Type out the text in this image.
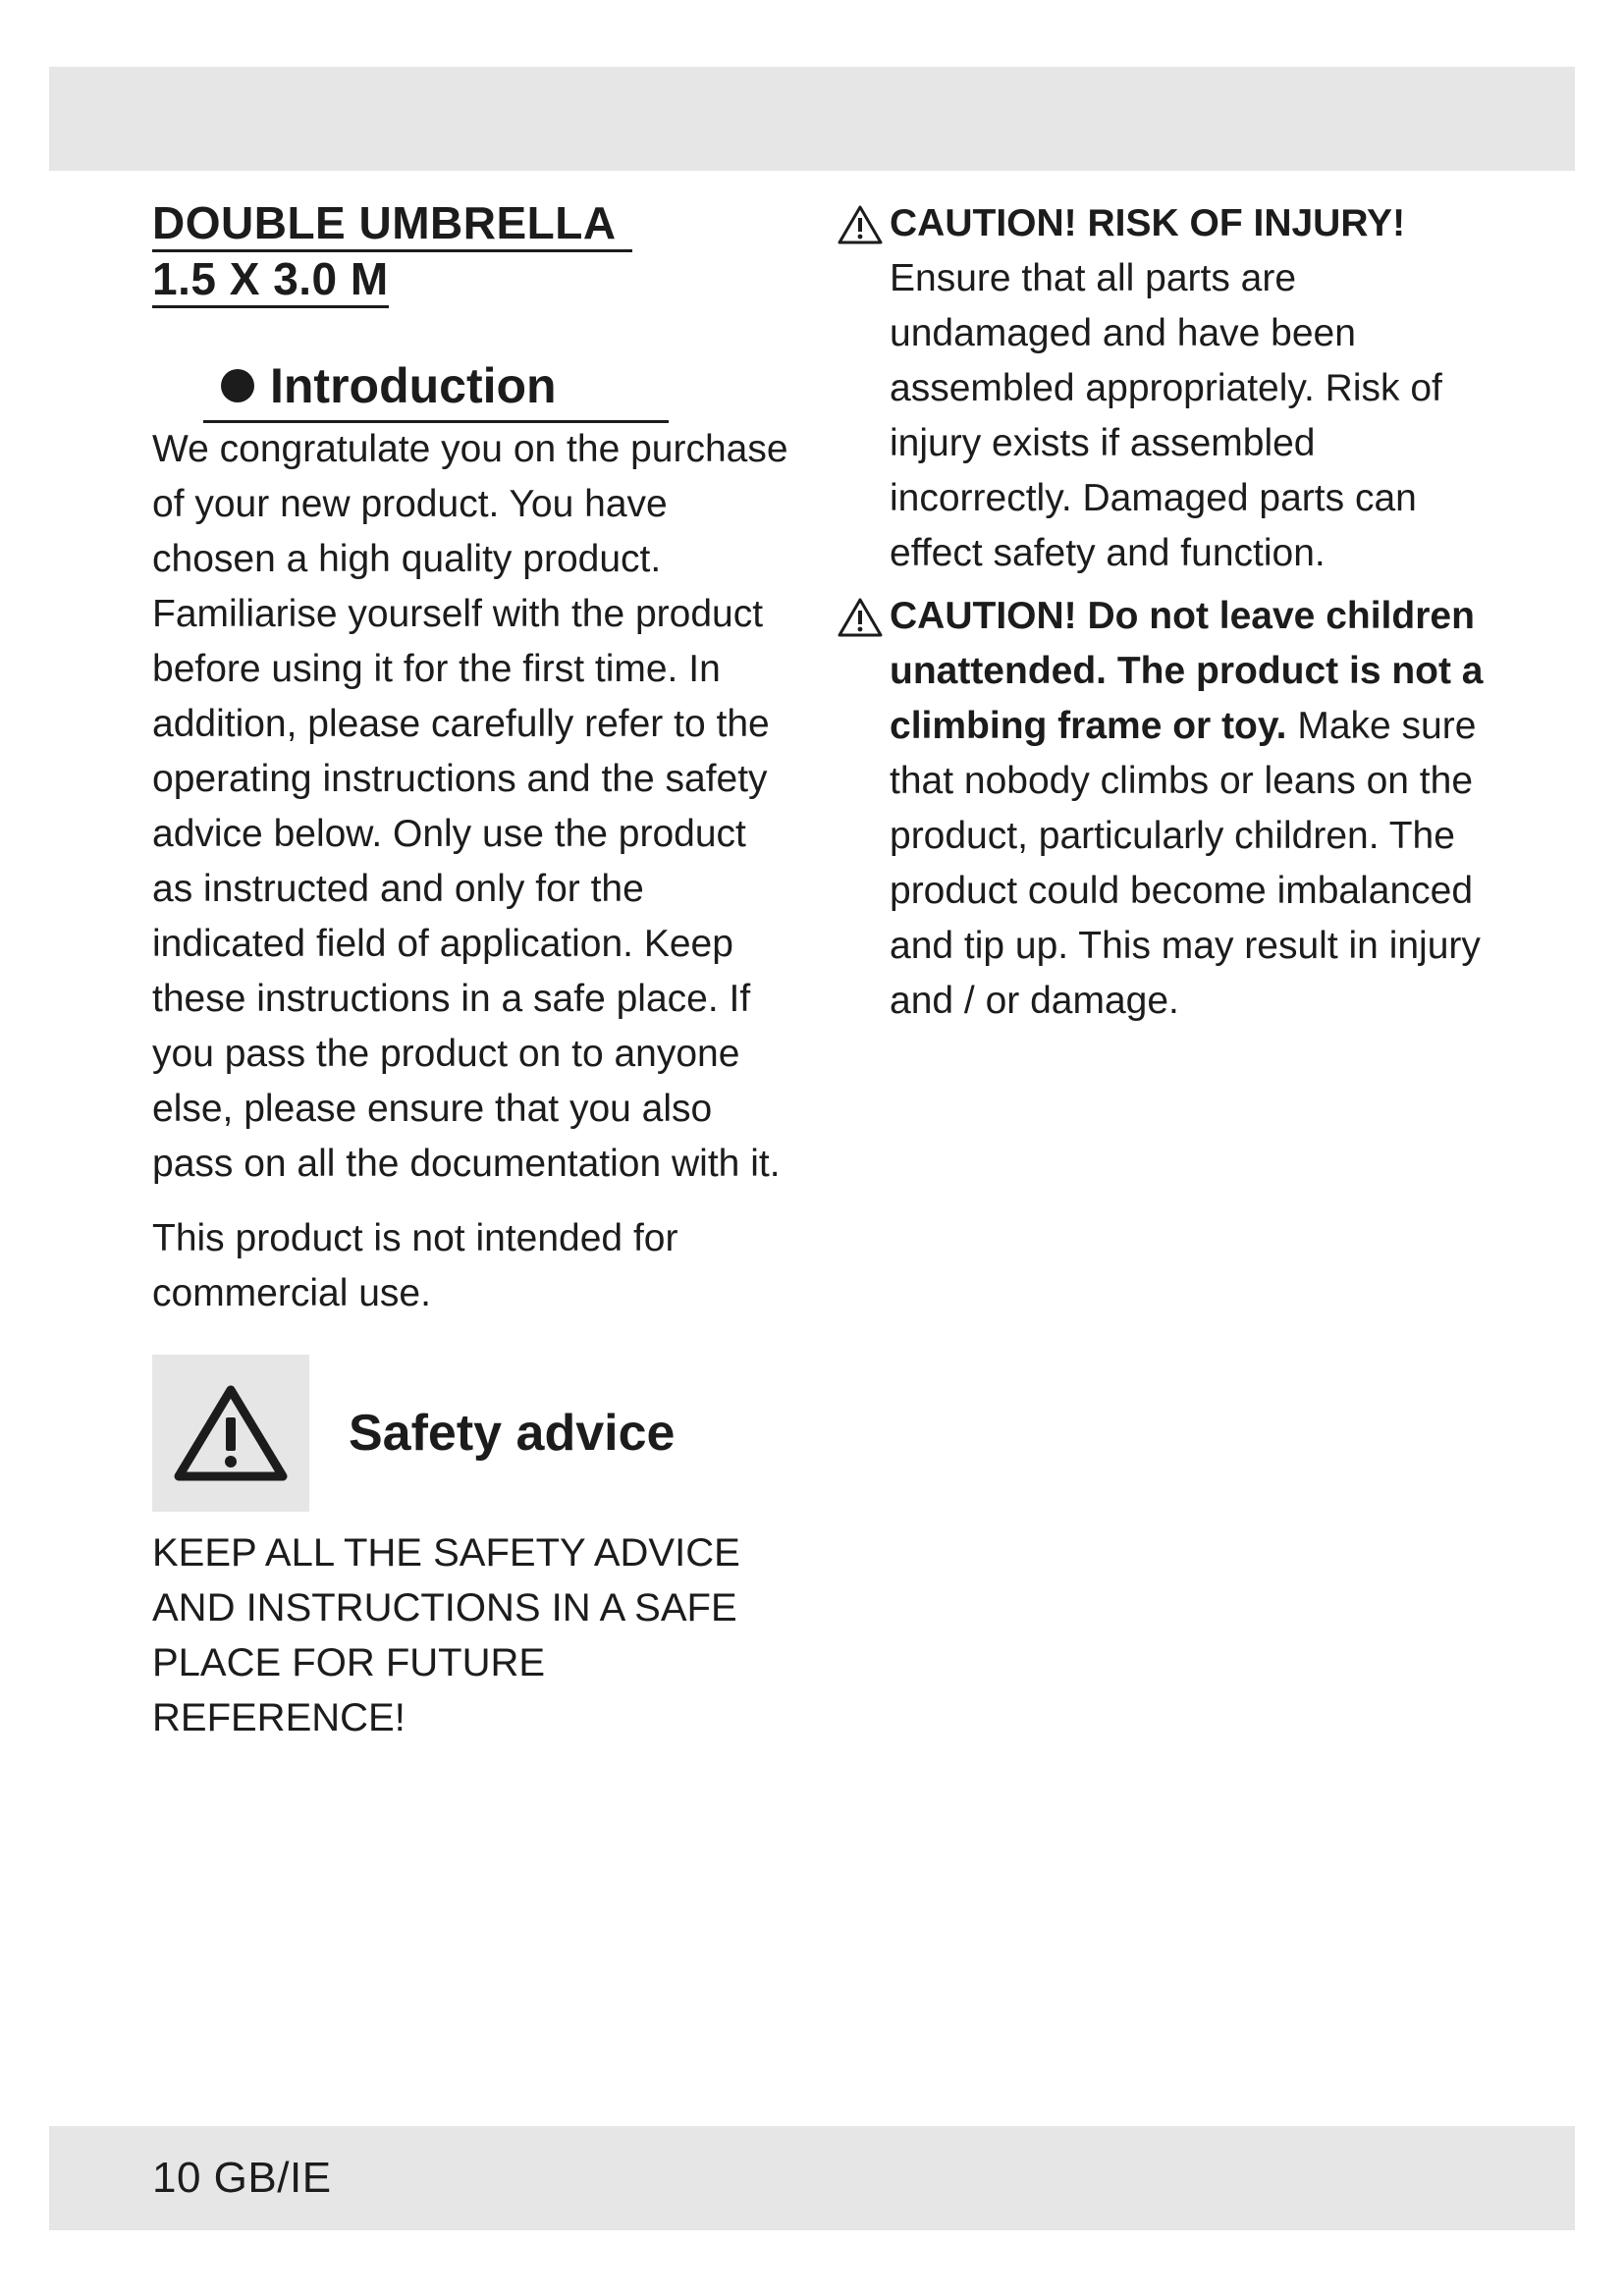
DOUBLE UMBRELLA
1.5 X 3.0 M
Introduction

We congratulate you on the purchase of your new product. You have chosen a high quality product. Familiarise yourself with the product before using it for the first time. In addition, please carefully refer to the operating instructions and the safety advice below. Only use the product as instructed and only for the indicated field of application. Keep these instructions in a safe place. If you pass the product on to anyone else, please ensure that you also pass on all the documentation with it.

This product is not intended for commercial use.

Safety advice

KEEP ALL THE SAFETY ADVICE AND INSTRUCTIONS IN A SAFE PLACE FOR FUTURE REFERENCE!

CAUTION! RISK OF INJURY! Ensure that all parts are undamaged and have been assembled appropriately. Risk of injury exists if assembled incorrectly. Damaged parts can effect safety and function.
CAUTION! Do not leave children unattended. The product is not a climbing frame or toy. Make sure that nobody climbs or leans on the product, particularly children. The product could become imbalanced and tip up. This may result in injury and / or damage.
10 GB/IE
